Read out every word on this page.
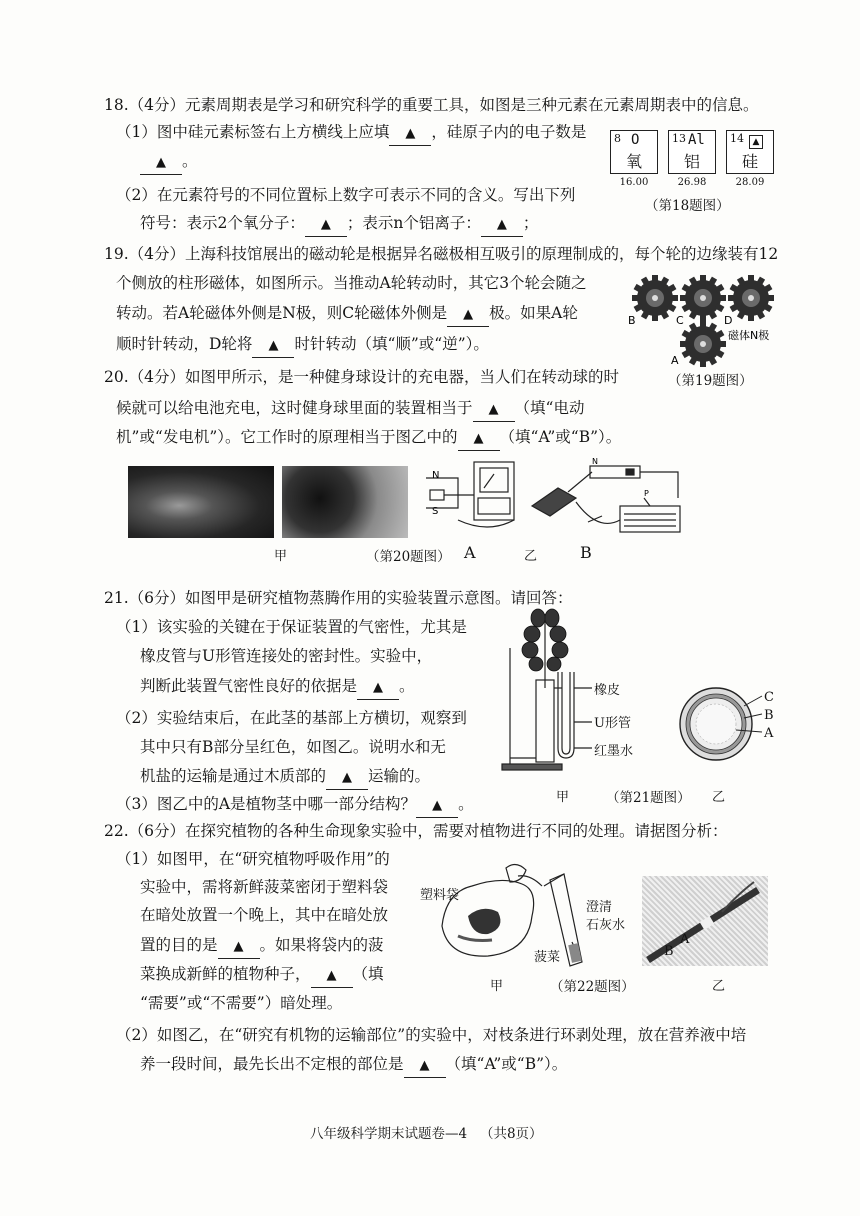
18.（4分）元素周期表是学习和研究科学的重要工具，如图是三种元素在元素周期表中的信息。
（1）图中硅元素标签右上方横线上应填 ▲ ，硅原子内的电子数是
▲ 。
（2）在元素符号的不同位置标上数字可表示不同的含义。写出下列
符号：表示2个氧分子： ▲ ；表示n个铝离子： ▲ ；
8 O
氧
16.00
13 Al
铝
26.98
14 ▲
硅
28.09
（第18题图）
19.（4分）上海科技馆展出的磁动轮是根据异名磁极相互吸引的原理制成的，每个轮的边缘装有12
个侧放的柱形磁体，如图所示。当推动A轮转动时，其它3个轮会随之
转动。若A轮磁体外侧是N极，则C轮磁体外侧是 ▲ 极。如果A轮
顺时针转动，D轮将 ▲ 时针转动（填“顺”或“逆”）。
B	C	D
A
磁体N极
（第19题图）
20.（4分）如图甲所示，是一种健身球设计的充电器，当人们在转动球的时
候就可以给电池充电，这时健身球里面的装置相当于 ▲ （填“电动
机”或“发电机”）。它工作时的原理相当于图乙中的 ▲ （填“A”或“B”）。
N
S
N
P
甲	（第20题图） A	乙	B
21.（6分）如图甲是研究植物蒸腾作用的实验装置示意图。请回答：
（1）该实验的关键在于保证装置的气密性，尤其是
橡皮管与U形管连接处的密封性。实验中，
判断此装置气密性良好的依据是 ▲ 。
（2）实验结束后，在此茎的基部上方横切，观察到
其中只有B部分呈红色，如图乙。说明水和无
机盐的运输是通过木质部的 ▲ 运输的。
（3）图乙中的A是植物茎中哪一部分结构？ ▲ 。
橡皮
U形管
红墨水
C
B
A
甲	（第21题图） 乙
22.（6分）在探究植物的各种生命现象实验中，需要对植物进行不同的处理。请据图分析：
（1）如图甲，在“研究植物呼吸作用”的
实验中，需将新鲜菠菜密闭于塑料袋
在暗处放置一个晚上，其中在暗处放
置的目的是 ▲ 。如果将袋内的菠
菜换成新鲜的植物种子， ▲ （填
“需要”或“不需要”）暗处理。
（2）如图乙，在“研究有机物的运输部位”的实验中，对枝条进行环剥处理，放在营养液中培
养一段时间，最先长出不定根的部位是 ▲ （填“A”或“B”）。
塑料袋
澄清
石灰水
菠菜
A
B
甲	（第22题图）	乙
八年级科学期末试题卷—4 （共8页）
